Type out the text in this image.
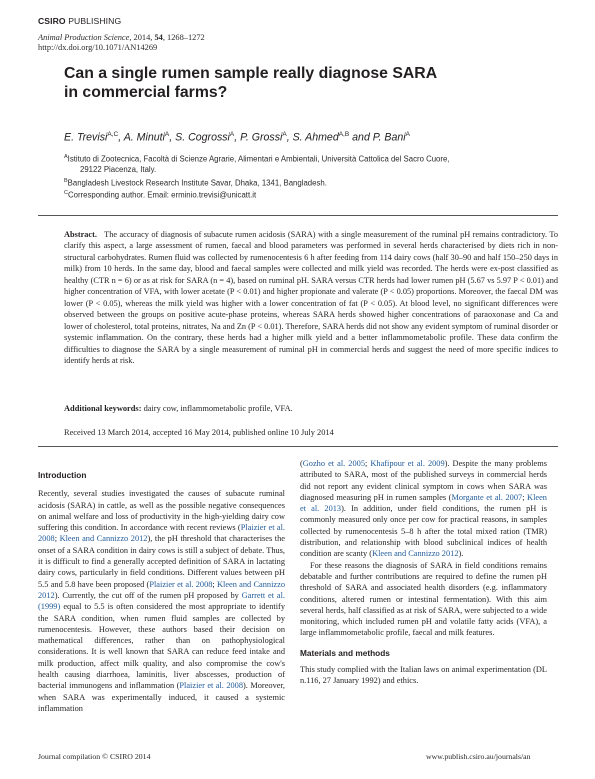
CSIRO PUBLISHING
Animal Production Science, 2014, 54, 1268–1272
http://dx.doi.org/10.1071/AN14269
Can a single rumen sample really diagnose SARA
in commercial farms?
E. Trevisi$^{A,C}$, A. Minuti$^A$, S. Cogrossi$^A$, P. Grossi$^A$, S. Ahmed$^{A,B}$ and P. Bani$^A$
$^A$Istituto di Zootecnica, Facoltà di Scienze Agrarie, Alimentari e Ambientali, Università Cattolica del Sacro Cuore,
29122 Piacenza, Italy.
$^B$Bangladesh Livestock Research Institute Savar, Dhaka, 1341, Bangladesh.
$^C$Corresponding author. Email: erminio.trevisi@unicatt.it
Abstract. The accuracy of diagnosis of subacute rumen acidosis (SARA) with a single measurement of the ruminal pH remains contradictory. To clarify this aspect, a large assessment of rumen, faecal and blood parameters was performed in several herds characterised by diets rich in non-structural carbohydrates. Rumen fluid was collected by rumenocentesis 6 h after feeding from 114 dairy cows (half 30–90 and half 150–250 days in milk) from 10 herds. In the same day, blood and faecal samples were collected and milk yield was recorded. The herds were ex-post classified as healthy (CTR n = 6) or as at risk for SARA (n = 4), based on ruminal pH. SARA versus CTR herds had lower rumen pH (5.67 vs 5.97 P < 0.01) and higher concentration of VFA, with lower acetate (P < 0.01) and higher propionate and valerate (P < 0.05) proportions. Moreover, the faecal DM was lower (P < 0.05), whereas the milk yield was higher with a lower concentration of fat (P < 0.05). At blood level, no significant differences were observed between the groups on positive acute-phase proteins, whereas SARA herds showed higher concentrations of paraoxonase and Ca and lower of cholesterol, total proteins, nitrates, Na and Zn (P < 0.01). Therefore, SARA herds did not show any evident symptom of ruminal disorder or systemic inflammation. On the contrary, these herds had a higher milk yield and a better inflammometabolic profile. These data confirm the difficulties to diagnose the SARA by a single measurement of ruminal pH in commercial herds and suggest the need of more specific indices to identify herds at risk.
Additional keywords: dairy cow, inflammometabolic profile, VFA.
Received 13 March 2014, accepted 16 May 2014, published online 10 July 2014
Introduction

Recently, several studies investigated the causes of subacute ruminal acidosis (SARA) in cattle, as well as the possible negative consequences on animal welfare and loss of productivity in the high-yielding dairy cow suffering this condition. In accordance with recent reviews (Plaizier et al. 2008; Kleen and Cannizzo 2012), the pH threshold that characterises the onset of a SARA condition in dairy cows is still a subject of debate. Thus, it is difficult to find a generally accepted definition of SARA in lactating dairy cows, particularly in field conditions. Different values between pH 5.5 and 5.8 have been proposed (Plaizier et al. 2008; Kleen and Cannizzo 2012). Currently, the cut off of the rumen pH proposed by Garrett et al. (1999) equal to 5.5 is often considered the most appropriate to identify the SARA condition, when rumen fluid samples are collected by rumenocentesis. However, these authors based their decision on mathematical differences, rather than on pathophysiological considerations. It is well known that SARA can reduce feed intake and milk production, affect milk quality, and also compromise the cow's health causing diarrhoea, laminitis, liver abscesses, production of bacterial immunogens and inflammation (Plaizier et al. 2008). Moreover, when SARA was experimentally induced, it caused a systemic inflammation

(Gozho et al. 2005; Khafipour et al. 2009). Despite the many problems attributed to SARA, most of the published surveys in commercial herds did not report any evident clinical symptom in cows when SARA was diagnosed measuring pH in rumen samples (Morgante et al. 2007; Kleen et al. 2013). In addition, under field conditions, the rumen pH is commonly measured only once per cow for practical reasons, in samples collected by rumenocentesis 5–8 h after the total mixed ration (TMR) distribution, and relationship with blood subclinical indices of health condition are scanty (Kleen and Cannizzo 2012).

For these reasons the diagnosis of SARA in field conditions remains debatable and further contributions are required to define the rumen pH threshold of SARA and associated health disorders (e.g. inflammatory conditions, altered rumen or intestinal fermentation). With this aim several herds, half classified as at risk of SARA, were subjected to a wide monitoring, which included rumen pH and volatile fatty acids (VFA), a large inflammometabolic profile, faecal and milk features.

Materials and methods

This study complied with the Italian laws on animal experimentation (DL n.116, 27 January 1992) and ethics.

Journal compilation © CSIRO 2014	www.publish.csiro.au/journals/an
